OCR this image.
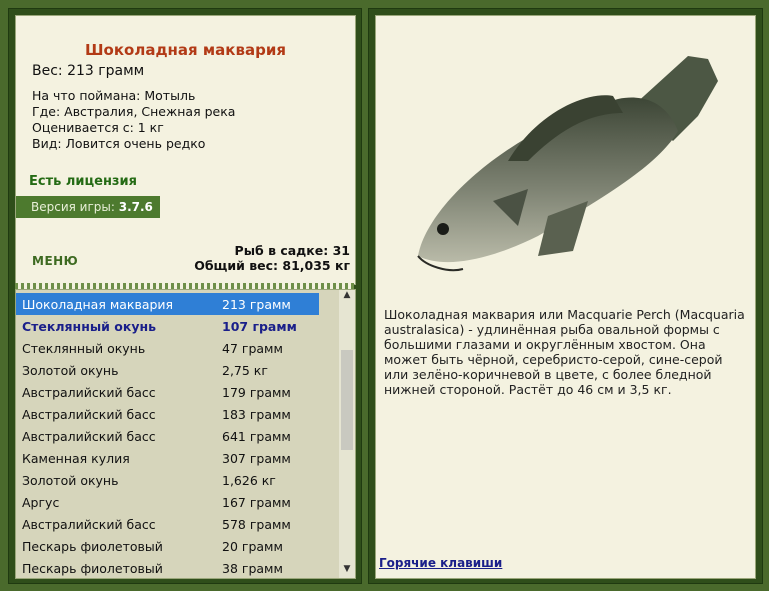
Шоколадная маквария
Вес: 213 грамм
На что поймана: Мотыль
Где: Австралия, Снежная река
Оценивается с: 1 кг
Вид: Ловится очень редко
Есть лицензия
Версия игры: 3.7.6
МЕНЮ
Рыб в садке: 31
Общий вес: 81,035 кг
Шоколадная маквария	213 грамм
Стеклянный окунь	107 грамм
Стеклянный окунь	47 грамм
Золотой окунь	2,75 кг
Австралийский басс	179 грамм
Австралийский басс	183 грамм
Австралийский басс	641 грамм
Каменная кулия	307 грамм
Золотой окунь	1,626 кг
Аргус	167 грамм
Австралийский басс	578 грамм
Пескарь фиолетовый	20 грамм
Пескарь фиолетовый	38 грамм
▲
▼
Шоколадная маквария или Macquarie Perch (Macquaria australasica) - удлинённая рыба овальной формы с большими глазами и округлённым хвостом. Она может быть чёрной, серебристо-серой, сине-серой или зелёно-коричневой в цвете, с более бледной нижней стороной. Растёт до 46 см и 3,5 кг.
Горячие клавиши
